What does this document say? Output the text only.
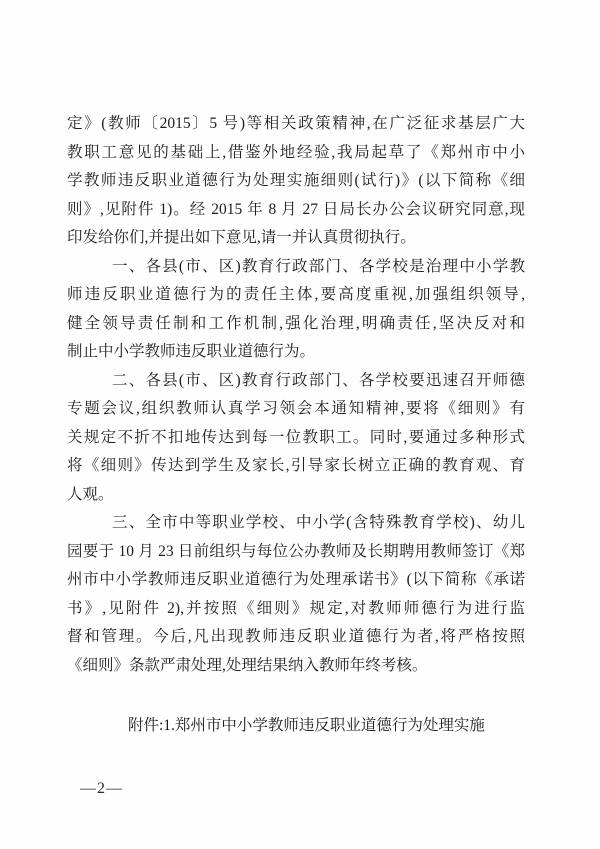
定》(教师〔2015〕5 号)等相关政策精神,在广泛征求基层广大
教职工意见的基础上,借鉴外地经验,我局起草了《郑州市中小
学教师违反职业道德行为处理实施细则(试行)》(以下简称《细
则》,见附件 1)。经 2015 年 8 月 27 日局长办公会议研究同意,现
印发给你们,并提出如下意见,请一并认真贯彻执行。
一、各县(市、区)教育行政部门、各学校是治理中小学教
师违反职业道德行为的责任主体,要高度重视,加强组织领导,
健全领导责任制和工作机制,强化治理,明确责任,坚决反对和
制止中小学教师违反职业道德行为。
二、各县(市、区)教育行政部门、各学校要迅速召开师德
专题会议,组织教师认真学习领会本通知精神,要将《细则》有
关规定不折不扣地传达到每一位教职工。同时,要通过多种形式
将《细则》传达到学生及家长,引导家长树立正确的教育观、育
人观。
三、全市中等职业学校、中小学(含特殊教育学校)、幼儿
园要于 10 月 23 日前组织与每位公办教师及长期聘用教师签订《郑
州市中小学教师违反职业道德行为处理承诺书》(以下简称《承诺
书》,见附件 2),并按照《细则》规定,对教师师德行为进行监
督和管理。今后,凡出现教师违反职业道德行为者,将严格按照
《细则》条款严肃处理,处理结果纳入教师年终考核。
附件:1.郑州市中小学教师违反职业道德行为处理实施
—2—
